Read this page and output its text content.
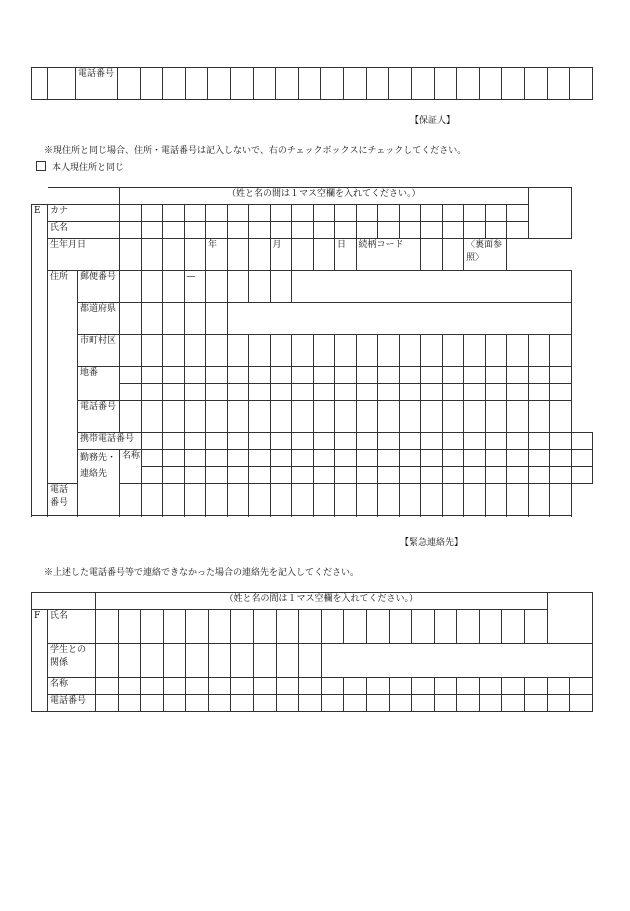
		電話番号																					
【保証人】
※現住所と同じ場合、住所・電話番号は記入しないで、右のチェックボックスにチェックしてください。
本人現住所と同じ
			（姓と名の間は１マス空欄を入れてください。）																					
E	カナ																							
	氏名																							
	生年月日						年			月			日	続柄コード					〈裏面参照〉					
	住所	郵便番号				—																		
		都道府県																						
		市町村区																						
		地番																						

		電話番号																						
		携帯電話番号																						
		勤務先・連絡先	名称																					

	電話番号																							

【緊急連絡先】
※上述した電話番号等で連絡できなかった場合の連絡先を記入してください。
		（姓と名の間は１マス空欄を入れてください。）																					
F	氏名																						
	学生との関係																						
	名称																						
	電話番号																						
